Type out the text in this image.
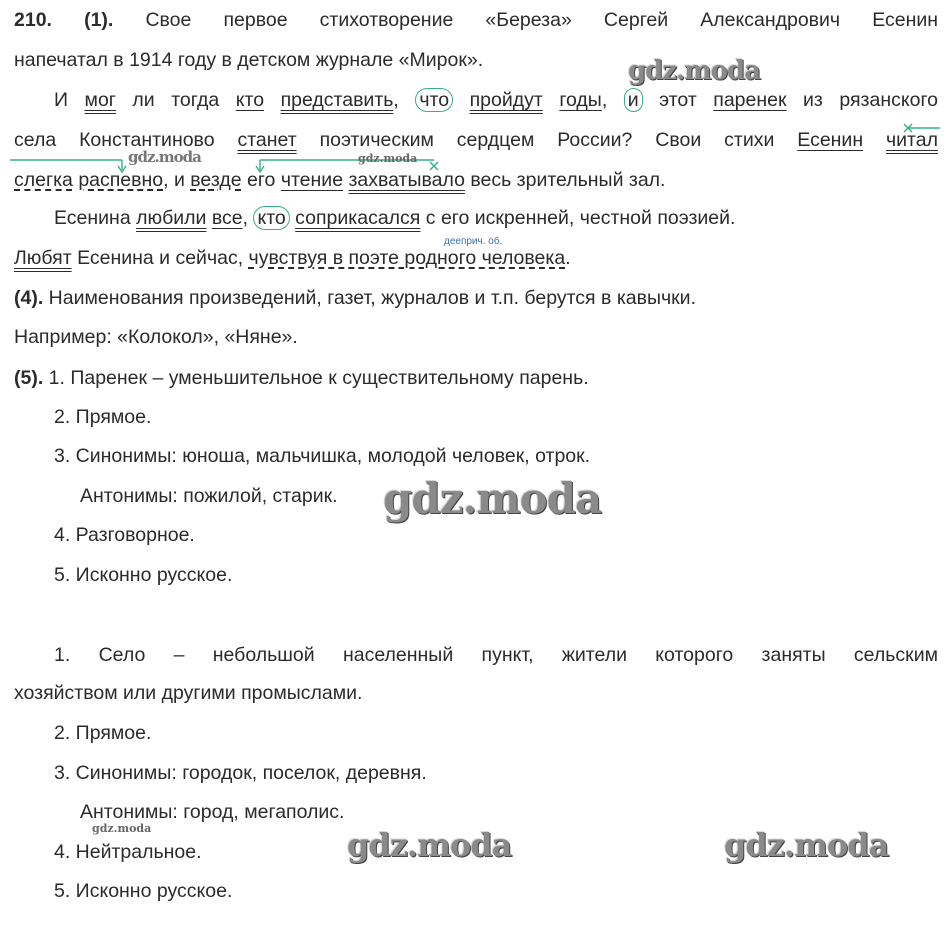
210. (1). Свое первое стихотворение «Береза» Сергей Александрович Есенин
напечатал в 1914 году в детском журнале «Мирок».
И мог ли тогда кто представить, что пройдут годы, и этот паренек из рязанского
села Константиново станет поэтическим сердцем России? Свои стихи Есенин читал
слегка распевно, и везде его чтение захватывало весь зрительный зал.
Есенина любили все, кто соприкасался с его искренней, честной поэзией.
дееприч. об.
Любят Есенина и сейчас, чувствуя в поэте родного человека.
(4). Наименования произведений, газет, журналов и т.п. берутся в кавычки.
Например: «Колокол», «Няне».
(5). 1. Паренек – уменьшительное к существительному парень.
2. Прямое.
3. Синонимы: юноша, мальчишка, молодой человек, отрок.
Антонимы: пожилой, старик.
4. Разговорное.
5. Исконно русское.
1. Село – небольшой населенный пункт, жители которого заняты сельским
хозяйством или другими промыслами.
2. Прямое.
3. Синонимы: городок, поселок, деревня.
Антонимы: город, мегаполис.
4. Нейтральное.
5. Исконно русское.
gdz.moda
gdz.moda	gdz.moda
gdz.moda
gdz.moda	gdz.moda	gdz.moda
